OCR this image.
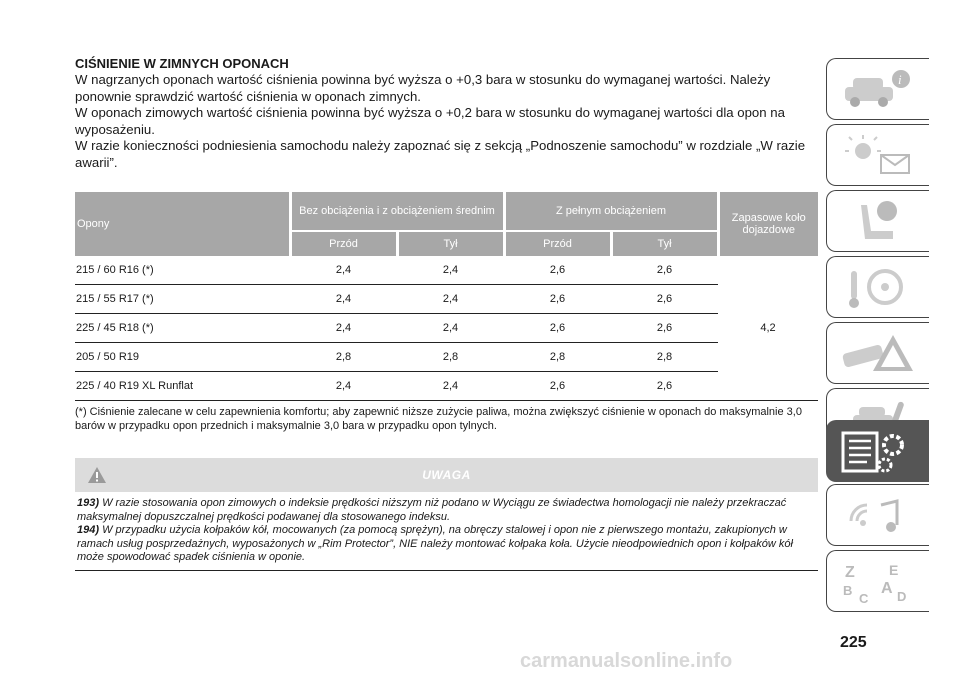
CIŚNIENIE W ZIMNYCH OPONACH

W nagrzanych oponach wartość ciśnienia powinna być wyższa o +0,3 bara w stosunku do wymaganej wartości. Należy ponownie sprawdzić wartość ciśnienia w oponach zimnych.

W oponach zimowych wartość ciśnienia powinna być wyższa o +0,2 bara w stosunku do wymaganej wartości dla opon na wyposażeniu.

W razie konieczności podniesienia samochodu należy zapoznać się z sekcją „Podnoszenie samochodu” w rozdziale „W razie awarii”.

Opony	Bez obciążenia i z obciążeniem średnim		Z pełnym obciążeniem		Zapasowe koło dojazdowe
	Przód	Tył	Przód	Tył	
215 / 60 R16 (*)	2,4	2,4	2,6	2,6	4,2
215 / 55 R17 (*)	2,4	2,4	2,6	2,6	
225 / 45 R18 (*)	2,4	2,4	2,6	2,6	
205 / 50 R19	2,8	2,8	2,8	2,8	
225 / 40 R19 XL Runflat	2,4	2,4	2,6	2,6	
(*) Ciśnienie zalecane w celu zapewnienia komfortu; aby zapewnić niższe zużycie paliwa, można zwiększyć ciśnienie w oponach do maksymalnie 3,0 barów w przypadku opon przednich i maksymalnie 3,0 bara w przypadku opon tylnych.
UWAGA
193) W razie stosowania opon zimowych o indeksie prędkości niższym niż podano w Wyciągu ze świadectwa homologacji nie należy przekraczać maksymalnej dopuszczalnej prędkości podawanej dla stosowanego indeksu.
194) W przypadku użycia kołpaków kół, mocowanych (za pomocą sprężyn), na obręczy stalowej i opon nie z pierwszego montażu, zakupionych w ramach usług posprzedażnych, wyposażonych w „Rim Protector”, NIE należy montować kołpaka koła. Użycie nieodpowiednich opon i kołpaków kół może spowodować spadek ciśnienia w oponie.
i
Z E
B A
C D
225
carmanualsonline.info
